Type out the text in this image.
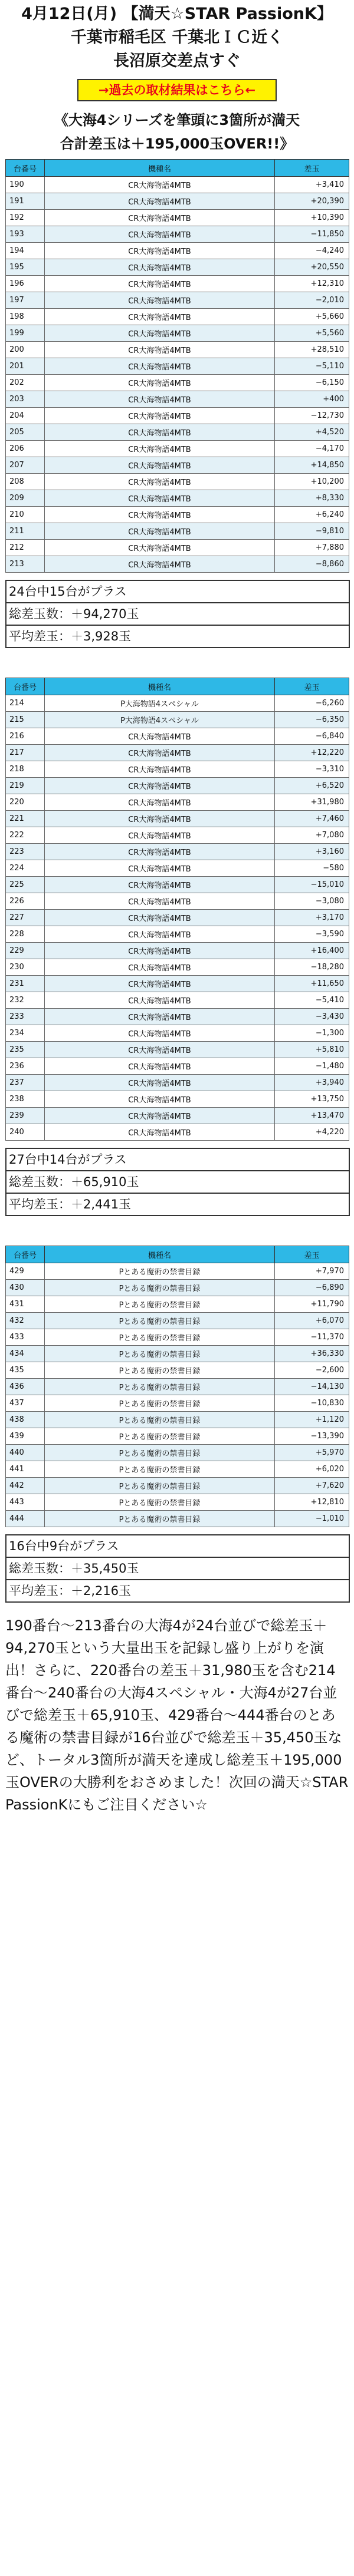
4月12日(月) 【満天☆STAR PassionK】
千葉市稲毛区 千葉北ＩＣ近く
長沼原交差点すぐ
→過去の取材結果はこちら←
《大海4シリーズを筆頭に3箇所が満天
合計差玉は＋195,000玉OVER!!》
台番号	機種名	差玉
190	CR大海物語4MTB	+3,410
191	CR大海物語4MTB	+20,390
192	CR大海物語4MTB	+10,390
193	CR大海物語4MTB	−11,850
194	CR大海物語4MTB	−4,240
195	CR大海物語4MTB	+20,550
196	CR大海物語4MTB	+12,310
197	CR大海物語4MTB	−2,010
198	CR大海物語4MTB	+5,660
199	CR大海物語4MTB	+5,560
200	CR大海物語4MTB	+28,510
201	CR大海物語4MTB	−5,110
202	CR大海物語4MTB	−6,150
203	CR大海物語4MTB	+400
204	CR大海物語4MTB	−12,730
205	CR大海物語4MTB	+4,520
206	CR大海物語4MTB	−4,170
207	CR大海物語4MTB	+14,850
208	CR大海物語4MTB	+10,200
209	CR大海物語4MTB	+8,330
210	CR大海物語4MTB	+6,240
211	CR大海物語4MTB	−9,810
212	CR大海物語4MTB	+7,880
213	CR大海物語4MTB	−8,860
24台中15台がプラス
総差玉数：＋94,270玉
平均差玉：＋3,928玉
台番号	機種名	差玉
214	P大海物語4スペシャル	−6,260
215	P大海物語4スペシャル	−6,350
216	CR大海物語4MTB	−6,840
217	CR大海物語4MTB	+12,220
218	CR大海物語4MTB	−3,310
219	CR大海物語4MTB	+6,520
220	CR大海物語4MTB	+31,980
221	CR大海物語4MTB	+7,460
222	CR大海物語4MTB	+7,080
223	CR大海物語4MTB	+3,160
224	CR大海物語4MTB	−580
225	CR大海物語4MTB	−15,010
226	CR大海物語4MTB	−3,080
227	CR大海物語4MTB	+3,170
228	CR大海物語4MTB	−3,590
229	CR大海物語4MTB	+16,400
230	CR大海物語4MTB	−18,280
231	CR大海物語4MTB	+11,650
232	CR大海物語4MTB	−5,410
233	CR大海物語4MTB	−3,430
234	CR大海物語4MTB	−1,300
235	CR大海物語4MTB	+5,810
236	CR大海物語4MTB	−1,480
237	CR大海物語4MTB	+3,940
238	CR大海物語4MTB	+13,750
239	CR大海物語4MTB	+13,470
240	CR大海物語4MTB	+4,220
27台中14台がプラス
総差玉数：＋65,910玉
平均差玉：＋2,441玉
台番号	機種名	差玉
429	Pとある魔術の禁書目録	+7,970
430	Pとある魔術の禁書目録	−6,890
431	Pとある魔術の禁書目録	+11,790
432	Pとある魔術の禁書目録	+6,070
433	Pとある魔術の禁書目録	−11,370
434	Pとある魔術の禁書目録	+36,330
435	Pとある魔術の禁書目録	−2,600
436	Pとある魔術の禁書目録	−14,130
437	Pとある魔術の禁書目録	−10,830
438	Pとある魔術の禁書目録	+1,120
439	Pとある魔術の禁書目録	−13,390
440	Pとある魔術の禁書目録	+5,970
441	Pとある魔術の禁書目録	+6,020
442	Pとある魔術の禁書目録	+7,620
443	Pとある魔術の禁書目録	+12,810
444	Pとある魔術の禁書目録	−1,010
16台中9台がプラス
総差玉数：＋35,450玉
平均差玉：＋2,216玉
190番台～213番台の大海4が24台並びで総差玉＋94,270玉という大量出玉を記録し盛り上がりを演出！さらに、220番台の差玉＋31,980玉を含む214番台～240番台の大海4スペシャル・大海4が27台並びで総差玉＋65,910玉、429番台～444番台のとある魔術の禁書目録が16台並びで総差玉＋35,450玉など、トータル3箇所が満天を達成し総差玉＋195,000玉OVERの大勝利をおさめました！次回の満天☆STAR PassionKにもご注目ください☆
